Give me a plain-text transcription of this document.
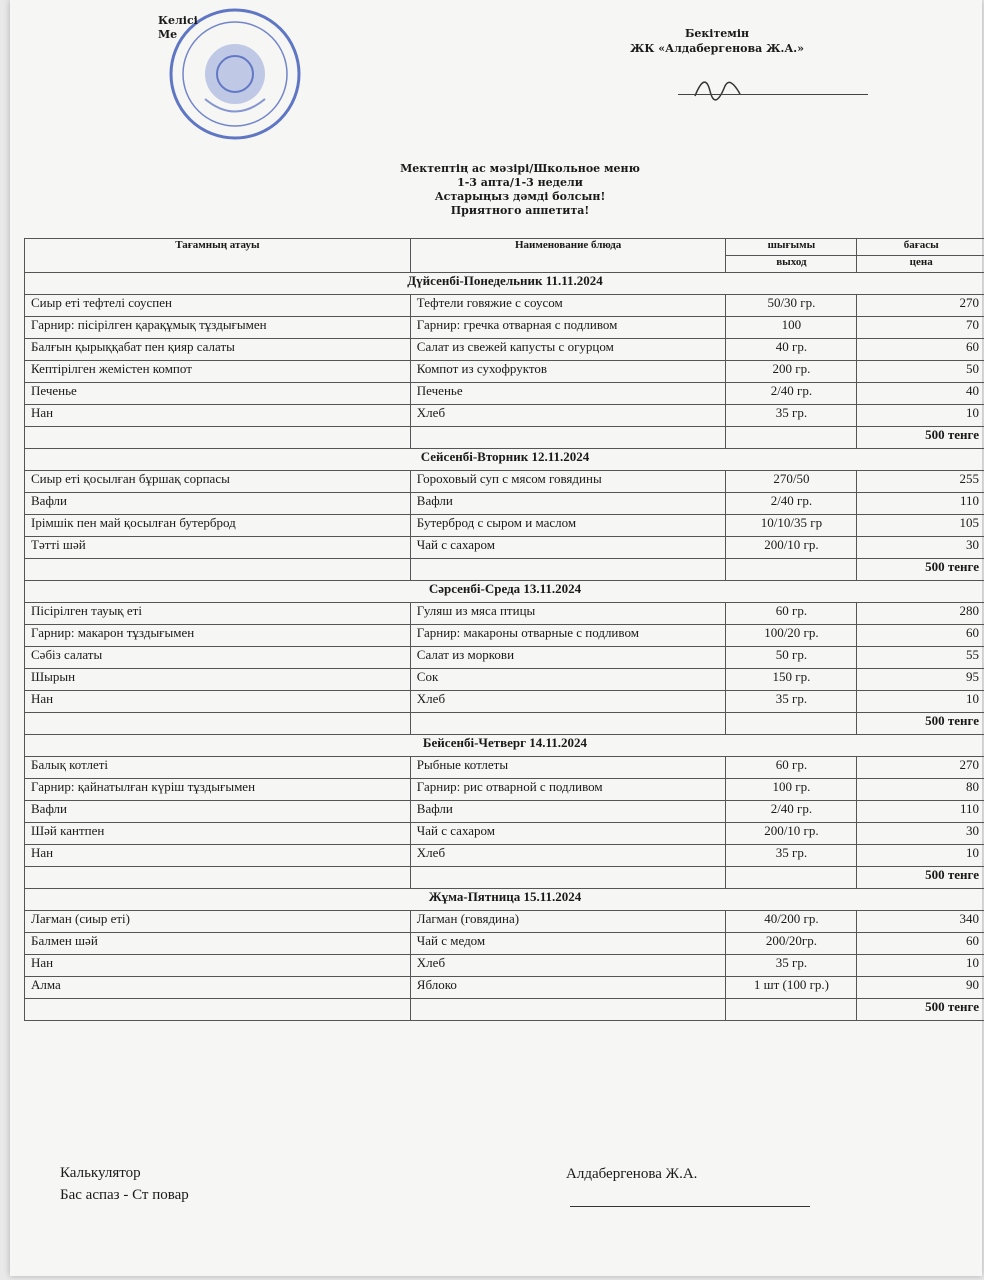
Келісі
Ме	Бекітемін
ЖК «Алдабергенова Ж.А.»
Мектептің ас мәзірі/Школьное меню
1-3 апта/1-3 недели
Астарыңыз дәмді болсын!
Приятного аппетита!
Тағамның атауы	Наименование блюда	шығымы	бағасы
		выход	цена
Дүйсенбі-Понедельник 11.11.2024			
Сиыр еті тефтелі соуспен	Тефтели говяжие с соусом	50/30 гр.	270
Гарнир: пісірілген қарақұмық тұздығымен	Гарнир: гречка отварная с подливом	100	70
Балғын қырыққабат пен қияр салаты	Салат из свежей капусты с огурцом	40 гр.	60
Кептірілген жемістен компот	Компот из сухофруктов	200 гр.	50
Печенье	Печенье	2/40 гр.	40
Нан	Хлеб	35 гр.	10
			500 тенге
Сейсенбі-Вторник 12.11.2024			
Сиыр еті қосылған бұршақ сорпасы	Гороховый суп с мясом говядины	270/50	255
Вафли	Вафли	2/40 гр.	110
Ірімшік пен май қосылған бутерброд	Бутерброд с сыром и маслом	10/10/35 гр	105
Тәтті шәй	Чай с сахаром	200/10 гр.	30
			500 тенге
Сәрсенбі-Среда 13.11.2024			
Пісірілген тауық еті	Гуляш из мяса птицы	60 гр.	280
Гарнир: макарон тұздығымен	Гарнир: макароны отварные с подливом	100/20 гр.	60
Сәбіз салаты	Салат из моркови	50 гр.	55
Шырын	Сок	150 гр.	95
Нан	Хлеб	35 гр.	10
			500 тенге
Бейсенбі-Четверг 14.11.2024			
Балық котлеті	Рыбные котлеты	60 гр.	270
Гарнир: қайнатылған күріш тұздығымен	Гарнир: рис отварной с подливом	100 гр.	80
Вафли	Вафли	2/40 гр.	110
Шәй кантпен	Чай с сахаром	200/10 гр.	30
Нан	Хлеб	35 гр.	10
			500 тенге
Жұма-Пятница 15.11.2024			
Лағман (сиыр еті)	Лагман (говядина)	40/200 гр.	340
Балмен шәй	Чай с медом	200/20гр.	60
Нан	Хлеб	35 гр.	10
Алма	Яблоко	1 шт (100 гр.)	90
			500 тенге
Калькулятор
Бас аспаз - Ст повар
Алдабергенова Ж.А.
